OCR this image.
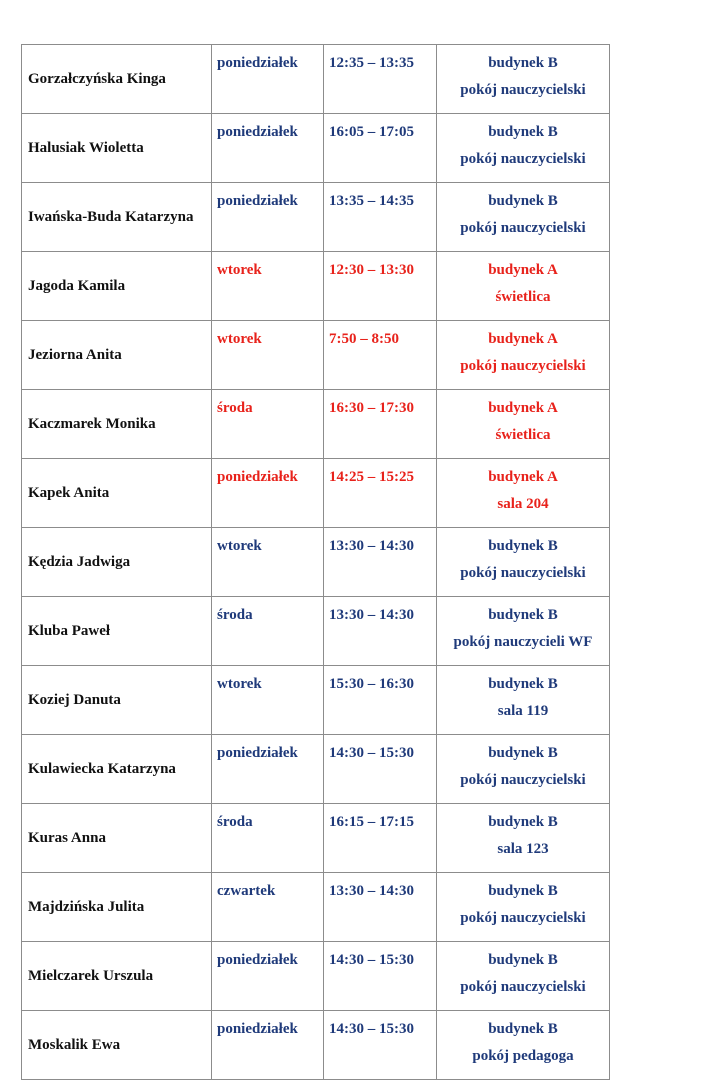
Gorzałczyńska Kinga	poniedziałek	12:35 – 13:35	budynek B
pokój nauczycielski

Halusiak Wioletta	poniedziałek	16:05 – 17:05	budynek B
pokój nauczycielski

Iwańska-Buda Katarzyna	poniedziałek	13:35 – 14:35	budynek B
pokój nauczycielski

Jagoda Kamila	wtorek	12:30 – 13:30	budynek A
świetlica

Jeziorna Anita	wtorek	7:50 – 8:50	budynek A
pokój nauczycielski

Kaczmarek Monika	środa	16:30 – 17:30	budynek A
świetlica

Kapek Anita	poniedziałek	14:25 – 15:25	budynek A
sala 204

Kędzia Jadwiga	wtorek	13:30 – 14:30	budynek B
pokój nauczycielski

Kluba Paweł	środa	13:30 – 14:30	budynek B
pokój nauczycieli WF

Koziej Danuta	wtorek	15:30 – 16:30	budynek B
sala 119

Kulawiecka Katarzyna	poniedziałek	14:30 – 15:30	budynek B
pokój nauczycielski

Kuras Anna	środa	16:15 – 17:15	budynek B
sala 123

Majdzińska Julita	czwartek	13:30 – 14:30	budynek B
pokój nauczycielski

Mielczarek Urszula	poniedziałek	14:30 – 15:30	budynek B
pokój nauczycielski

Moskalik Ewa	poniedziałek	14:30 – 15:30	budynek B
pokój pedagoga
